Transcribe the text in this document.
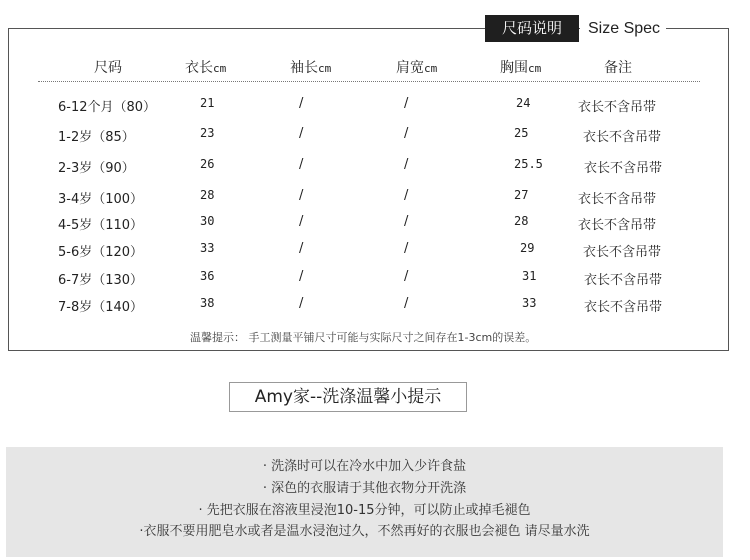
尺码说明	Size Spec
尺码	衣长cm	袖长cm	肩宽cm	胸围cm	备注
6-12个月（80）	21	/	/	24	衣长不含吊带
1-2岁（85）	23	/	/	25	衣长不含吊带
2-3岁（90）	26	/	/	25.5	衣长不含吊带
3-4岁（100）	28	/	/	27	衣长不含吊带
4-5岁（110）	30	/	/	28	衣长不含吊带
5-6岁（120）	33	/	/	29	衣长不含吊带
6-7岁（130）	36	/	/	31	衣长不含吊带
7-8岁（140）	38	/	/	33	衣长不含吊带
温馨提示： 手工测量平铺尺寸可能与实际尺寸之间存在1-3cm的误差。
Amy家--洗涤温馨小提示
· 洗涤时可以在冷水中加入少许食盐
· 深色的衣服请于其他衣物分开洗涤
· 先把衣服在溶液里浸泡10-15分钟，可以防止或掉毛褪色
·衣服不要用肥皂水或者是温水浸泡过久，不然再好的衣服也会褪色 请尽量水洗
